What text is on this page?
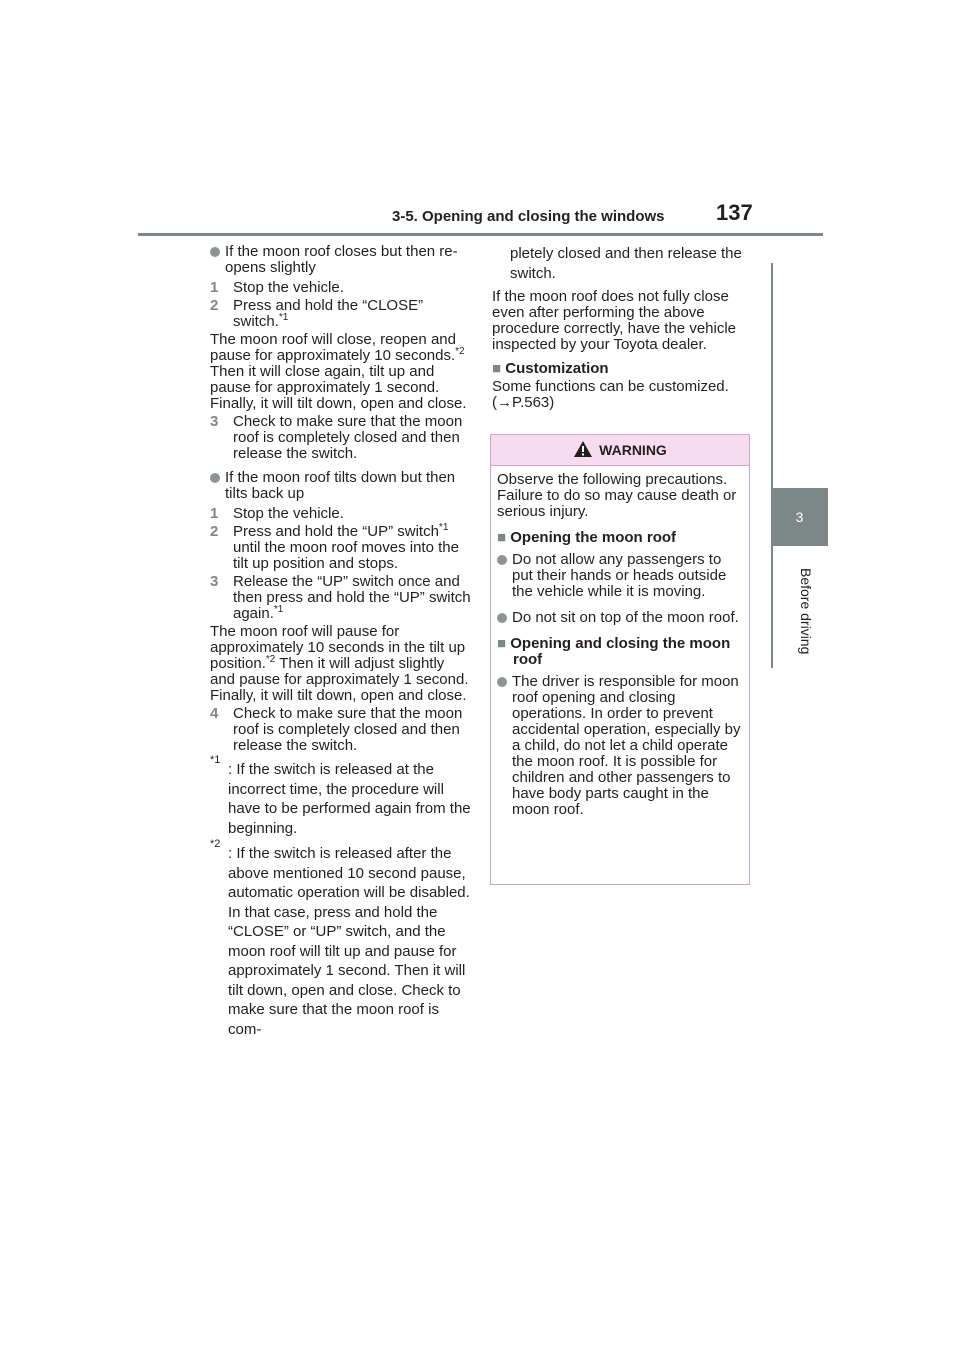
3-5. Opening and closing the windows 137
3
Before driving
If the moon roof closes but then re-opens slightly
1 Stop the vehicle.
2 Press and hold the “CLOSE” switch.$^{*1}$
The moon roof will close, reopen and pause for approximately 10 seconds.$^{*2}$ Then it will close again, tilt up and pause for approximately 1 second. Finally, it will tilt down, open and close.
3 Check to make sure that the moon roof is completely closed and then release the switch.
If the moon roof tilts down but then tilts back up
1 Stop the vehicle.
2 Press and hold the “UP” switch$^{*1}$ until the moon roof moves into the tilt up position and stops.
3 Release the “UP” switch once and then press and hold the “UP” switch again.$^{*1}$
The moon roof will pause for approximately 10 seconds in the tilt up position.$^{*2}$ Then it will adjust slightly and pause for approximately 1 second. Finally, it will tilt down, open and close.
4 Check to make sure that the moon roof is completely closed and then release the switch.
*1
: If the switch is released at the incorrect time, the procedure will have to be performed again from the beginning.
*2
: If the switch is released after the above mentioned 10 second pause, automatic operation will be disabled. In that case, press and hold the “CLOSE” or “UP” switch, and the moon roof will tilt up and pause for approximately 1 second. Then it will tilt down, open and close. Check to make sure that the moon roof is com-
pletely closed and then release the switch.
If the moon roof does not fully close even after performing the above procedure correctly, have the vehicle inspected by your Toyota dealer.
■ Customization
Some functions can be customized. (→P.563)
WARNING
Observe the following precautions. Failure to do so may cause death or serious injury.
■ Opening the moon roof
Do not allow any passengers to put their hands or heads outside the vehicle while it is moving.
Do not sit on top of the moon roof.
■ Opening and closing the moon roof
The driver is responsible for moon roof opening and closing operations. In order to prevent accidental operation, especially by a child, do not let a child operate the moon roof. It is possible for children and other passengers to have body parts caught in the moon roof.
